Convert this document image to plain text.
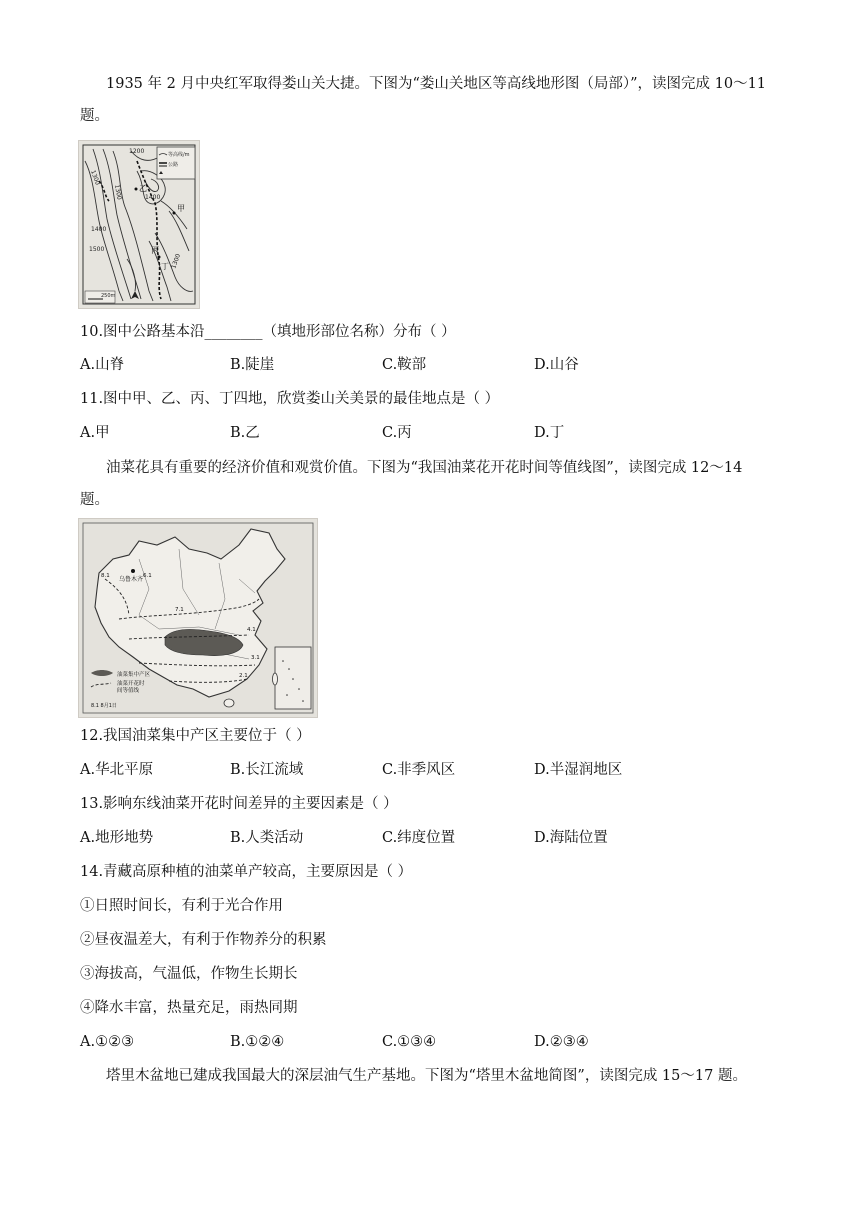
1935 年 2 月中央红军取得娄山关大捷。下图为“娄山关地区等高线地形图（局部）”，读图完成 10～11
题。
等高线/m
公路
1200
1300
1300	1400
1400
1500
1300
甲
乙
丙
丁
250m
10.图中公路基本沿________（填地形部位名称）分布（ ）
A.山脊	B.陡崖	C.鞍部	D.山谷
11.图中甲、乙、丙、丁四地，欣赏娄山关美景的最佳地点是（ ）
A.甲	B.乙	C.丙	D.丁
油菜花具有重要的经济价值和观赏价值。下图为“我国油菜花开花时间等值线图”，读图完成 12～14
题。
乌鲁木齐
8.1	6.1
7.1
4.1
3.1
2.1
油菜集中产区
油菜开花时
间等值线
8.1 8月1日
12.我国油菜集中产区主要位于（ ）
A.华北平原	B.长江流域	C.非季风区	D.半湿润地区
13.影响东线油菜开花时间差异的主要因素是（ ）
A.地形地势	B.人类活动	C.纬度位置	D.海陆位置
14.青藏高原种植的油菜单产较高，主要原因是（ ）
①日照时间长，有利于光合作用
②昼夜温差大，有利于作物养分的积累
③海拔高，气温低，作物生长期长
④降水丰富，热量充足，雨热同期
A.①②③	B.①②④	C.①③④	D.②③④
塔里木盆地已建成我国最大的深层油气生产基地。下图为“塔里木盆地简图”，读图完成 15～17 题。
